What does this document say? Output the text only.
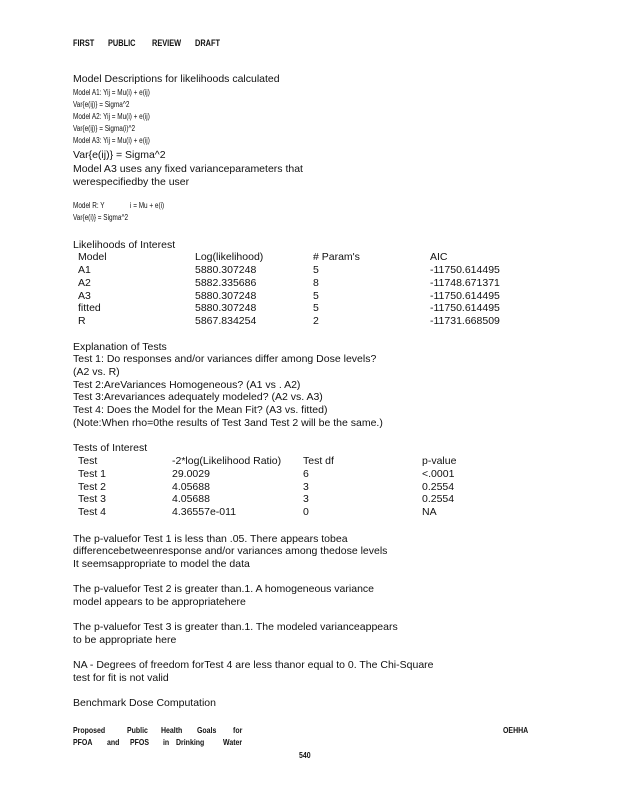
FIRST PUBLIC REVIEW DRAFT
Model Descriptions for likelihoods calculated
Model A1: Yij = Mu(i) + e(ij)
Var{e(ij)} = Sigma^2
Model A2: Yij = Mu(i) + e(ij)
Var{e(ij)} = Sigma(i)^2
Model A3: Yij = Mu(i) + e(ij)
Var{e(ij)} = Sigma^2
Model A3 uses any fixed varianceparameters that
werespecifiedby the user
Model R: Y	i = Mu + e(i)
Var{e(i)} = Sigma^2
Likelihoods of Interest
Model	Log(likelihood)	# Param's	AIC
A1	5880.307248	5	-11750.614495
A2	5882.335686	8	-11748.671371
A3	5880.307248	5	-11750.614495
fitted	5880.307248	5	-11750.614495
R	5867.834254	2	-11731.668509
Explanation of Tests
Test 1: Do responses and/or variances differ among Dose levels?
(A2 vs. R)
Test 2:AreVariances Homogeneous? (A1 vs . A2)
Test 3:Arevariances adequately modeled? (A2 vs. A3)
Test 4: Does the Model for the Mean Fit? (A3 vs. fitted)
(Note:When rho=0the results of Test 3and Test 2 will be the same.)
Tests of Interest
Test	-2*log(Likelihood Ratio) Test df	p-value
Test 1	29.0029	6	<.0001
Test 2	4.05688	3	0.2554
Test 3	4.05688	3	0.2554
Test 4	4.36557e-011	0	NA
The p-valuefor Test 1 is less than .05. There appears tobea
differencebetweenresponse and/or variances among thedose levels
It seemsappropriate to model the data
The p-valuefor Test 2 is greater than.1. A homogeneous variance
model appears to be appropriatehere
The p-valuefor Test 3 is greater than.1. The modeled varianceappears
to be appropriate here
NA - Degrees of freedom forTest 4 are less thanor equal to 0. The Chi-Square
test for fit is not valid
Benchmark Dose Computation
Proposed	Public Health Goals for	OEHHA
PFOA and PFOS in Drinking Water
540
